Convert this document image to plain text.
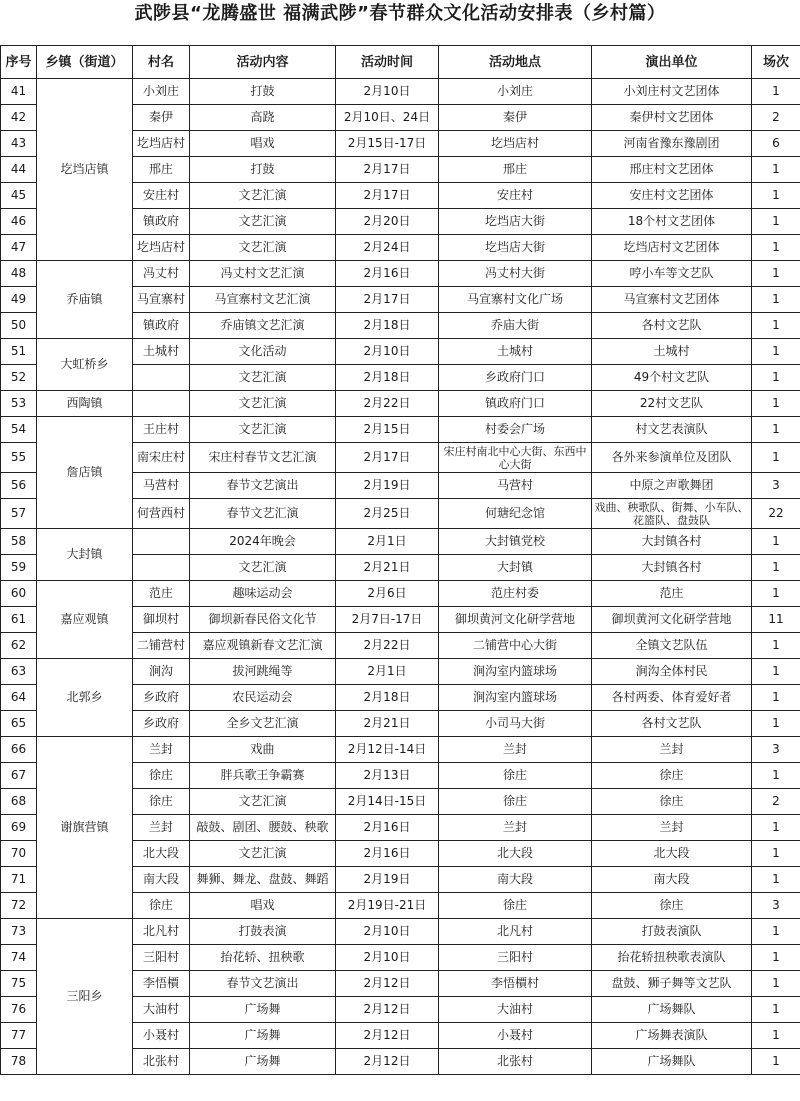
武陟县“龙腾盛世 福满武陟”春节群众文化活动安排表（乡村篇）
序号	乡镇（街道）	村名	活动内容	活动时间	活动地点	演出单位	场次
41	圪垱店镇	小刘庄	打鼓	2月10日	小刘庄	小刘庄村文艺团体	1
42		秦伊	高跷	2月10日、24日	秦伊	秦伊村文艺团体	2
43		圪垱店村	唱戏	2月15日-17日	圪垱店村	河南省豫东豫剧团	6
44		邢庄	打鼓	2月17日	邢庄	邢庄村文艺团体	1
45		安庄村	文艺汇演	2月17日	安庄村	安庄村文艺团体	1
46		镇政府	文艺汇演	2月20日	圪垱店大街	18个村文艺团体	1
47		圪垱店村	文艺汇演	2月24日	圪垱店大街	圪垱店村文艺团体	1
48	乔庙镇	冯丈村	冯丈村文艺汇演	2月16日	冯丈村大街	哼小车等文艺队	1
49		马宣寨村	马宣寨村文艺汇演	2月17日	马宣寨村文化广场	马宣寨村文艺团体	1
50		镇政府	乔庙镇文艺汇演	2月18日	乔庙大街	各村文艺队	1
51	大虹桥乡	土城村	文化活动	2月10日	土城村	土城村	1
52			文艺汇演	2月18日	乡政府门口	49个村文艺队	1
53	西陶镇		文艺汇演	2月22日	镇政府门口	22村文艺队	1
54	詹店镇	王庄村	文艺汇演	2月15日	村委会广场	村文艺表演队	1
55		南宋庄村	宋庄村春节文艺汇演	2月17日	宋庄村南北中心大街、东西中心大街	各外来参演单位及团队	1
56		马营村	春节文艺演出	2月19日	马营村	中原之声歌舞团	3
57		何营西村	春节文艺汇演	2月25日	何瑭纪念馆	戏曲、秧歌队、街舞、小车队、花篮队、盘鼓队	22
58	大封镇		2024年晚会	2月1日	大封镇党校	大封镇各村	1
59			文艺汇演	2月21日	大封镇	大封镇各村	1
60	嘉应观镇	范庄	趣味运动会	2月6日	范庄村委	范庄	1
61		御坝村	御坝新春民俗文化节	2月7日-17日	御坝黄河文化研学营地	御坝黄河文化研学营地	11
62		二铺营村	嘉应观镇新春文艺汇演	2月22日	二铺营中心大街	全镇文艺队伍	1
63	北郭乡	涧沟	拔河跳绳等	2月1日	涧沟室内篮球场	涧沟全体村民	1
64		乡政府	农民运动会	2月18日	涧沟室内篮球场	各村两委、体育爱好者	1
65		乡政府	全乡文艺汇演	2月21日	小司马大街	各村文艺队	1
66	谢旗营镇	兰封	戏曲	2月12日-14日	兰封	兰封	3
67		徐庄	胖兵歌王争霸赛	2月13日	徐庄	徐庄	1
68		徐庄	文艺汇演	2月14日-15日	徐庄	徐庄	2
69		兰封	敲鼓、剧团、腰鼓、秧歌	2月16日	兰封	兰封	1
70		北大段	文艺汇演	2月16日	北大段	北大段	1
71		南大段	舞狮、舞龙、盘鼓、舞蹈	2月19日	南大段	南大段	1
72		徐庄	唱戏	2月19日-21日	徐庄	徐庄	3
73	三阳乡	北凡村	打鼓表演	2月10日	北凡村	打鼓表演队	1
74		三阳村	抬花轿、扭秧歌	2月10日	三阳村	抬花轿扭秧歌表演队	1
75		李悟檟	春节文艺演出	2月12日	李悟檟村	盘鼓、狮子舞等文艺队	1
76		大油村	广场舞	2月12日	大油村	广场舞队	1
77		小聂村	广场舞	2月12日	小聂村	广场舞表演队	1
78		北张村	广场舞	2月12日	北张村	广场舞队	1
